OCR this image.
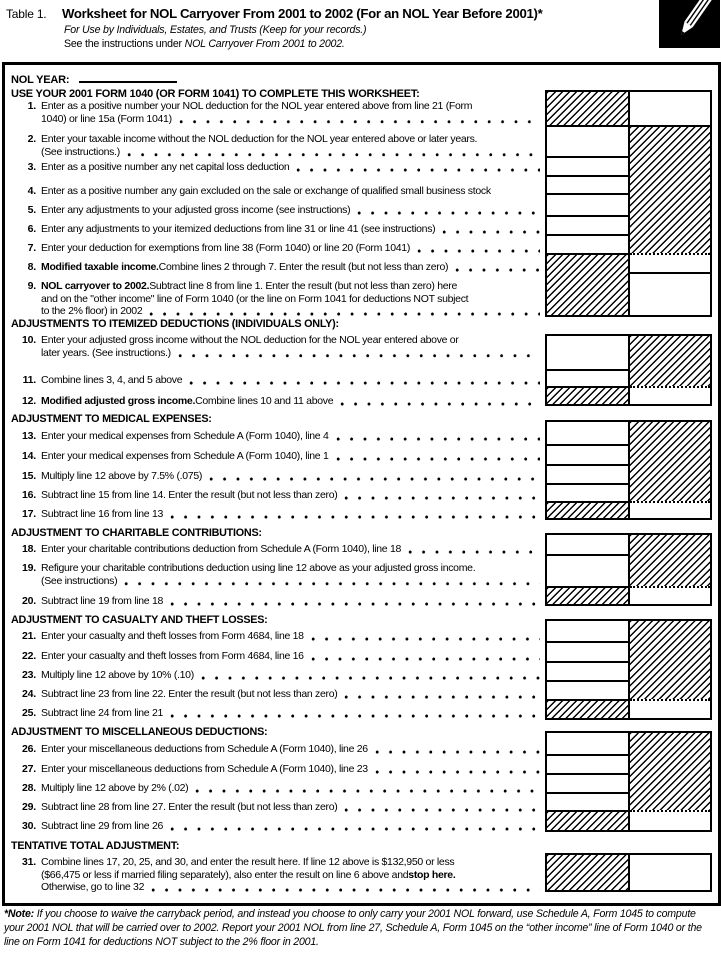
Table 1. Worksheet for NOL Carryover From 2001 to 2002 (For an NOL Year Before 2001)*
For Use by Individuals, Estates, and Trusts (Keep for your records.)
See the instructions under NOL Carryover From 2001 to 2002.
NOL YEAR:
USE YOUR 2001 FORM 1040 (OR FORM 1041) TO COMPLETE THIS WORKSHEET:
1. Enter as a positive number your NOL deduction for the NOL year entered above from line 21 (Form
1040) or line 15a (Form 1041)
2. Enter your taxable income without the NOL deduction for the NOL year entered above or later years.
(See instructions.)
3. Enter as a positive number any net capital loss deduction
4. Enter as a positive number any gain excluded on the sale or exchange of qualified small business stock
5. Enter any adjustments to your adjusted gross income (see instructions)
6. Enter any adjustments to your itemized deductions from line 31 or line 41 (see instructions)
7. Enter your deduction for exemptions from line 38 (Form 1040) or line 20 (Form 1041)
8. Modified taxable income. Combine lines 2 through 7. Enter the result (but not less than zero)
9. NOL carryover to 2002. Subtract line 8 from line 1. Enter the result (but not less than zero) here
and on the "other income" line of Form 1040 (or the line on Form 1041 for deductions NOT subject
to the 2% floor) in 2002
ADJUSTMENTS TO ITEMIZED DEDUCTIONS (INDIVIDUALS ONLY):
10. Enter your adjusted gross income without the NOL deduction for the NOL year entered above or
later years. (See instructions.)
11. Combine lines 3, 4, and 5 above
12. Modified adjusted gross income. Combine lines 10 and 11 above
ADJUSTMENT TO MEDICAL EXPENSES:
13. Enter your medical expenses from Schedule A (Form 1040), line 4
14. Enter your medical expenses from Schedule A (Form 1040), line 1
15. Multiply line 12 above by 7.5% (.075)
16. Subtract line 15 from line 14. Enter the result (but not less than zero)
17. Subtract line 16 from line 13
ADJUSTMENT TO CHARITABLE CONTRIBUTIONS:
18. Enter your charitable contributions deduction from Schedule A (Form 1040), line 18
19. Refigure your charitable contributions deduction using line 12 above as your adjusted gross income.
(See instructions)
20. Subtract line 19 from line 18
ADJUSTMENT TO CASUALTY AND THEFT LOSSES:
21. Enter your casualty and theft losses from Form 4684, line 18
22. Enter your casualty and theft losses from Form 4684, line 16
23. Multiply line 12 above by 10% (.10)
24. Subtract line 23 from line 22. Enter the result (but not less than zero)
25. Subtract line 24 from line 21
ADJUSTMENT TO MISCELLANEOUS DEDUCTIONS:
26. Enter your miscellaneous deductions from Schedule A (Form 1040), line 26
27. Enter your miscellaneous deductions from Schedule A (Form 1040), line 23
28. Multiply line 12 above by 2% (.02)
29. Subtract line 28 from line 27. Enter the result (but not less than zero)
30. Subtract line 29 from line 26
TENTATIVE TOTAL ADJUSTMENT:
31. Combine lines 17, 20, 25, and 30, and enter the result here. If line 12 above is $132,950 or less
($66,475 or less if married filing separately), also enter the result on line 6 above and stop here.
Otherwise, go to line 32
*Note: If you choose to waive the carryback period, and instead you choose to only carry your 2001 NOL forward, use Schedule A, Form 1045 to compute your 2001 NOL that will be carried over to 2002. Report your 2001 NOL from line 27, Schedule A, Form 1045 on the “other income” line of Form 1040 or the line on Form 1041 for deductions NOT subject to the 2% floor in 2001.
